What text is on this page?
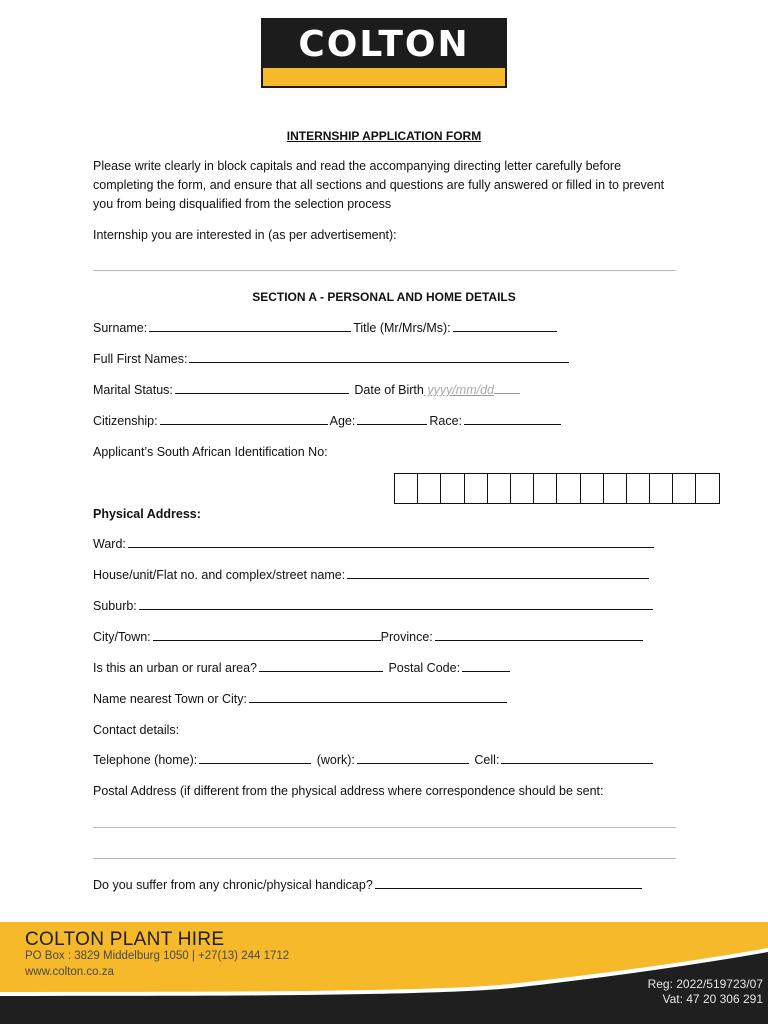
COLTON
INTERNSHIP APPLICATION FORM
Please write clearly in block capitals and read the accompanying directing letter carefully before completing the form, and ensure that all sections and questions are fully answered or filled in to prevent you from being disqualified from the selection process
Internship you are interested in (as per advertisement):
SECTION A - PERSONAL AND HOME DETAILS
Surname:	Title (Mr/Mrs/Ms):
Full First Names:
Marital Status:	Date of Birth yyyy/mm/dd
Citizenship:	Age:	Race:
Applicant’s South African Identification No:
Physical Address:
Ward:
House/unit/Flat no. and complex/street name:
Suburb:
City/Town:	Province:
Is this an urban or rural area?	Postal Code:
Name nearest Town or City:
Contact details:
Telephone (home):	(work):	Cell:
Postal Address (if different from the physical address where correspondence should be sent:
Do you suffer from any chronic/physical handicap?
COLTON PLANT HIRE
PO Box : 3829 Middelburg 1050 | +27(13) 244 1712
www.colton.co.za
Reg: 2022/519723/07
Vat: 47 20 306 291
